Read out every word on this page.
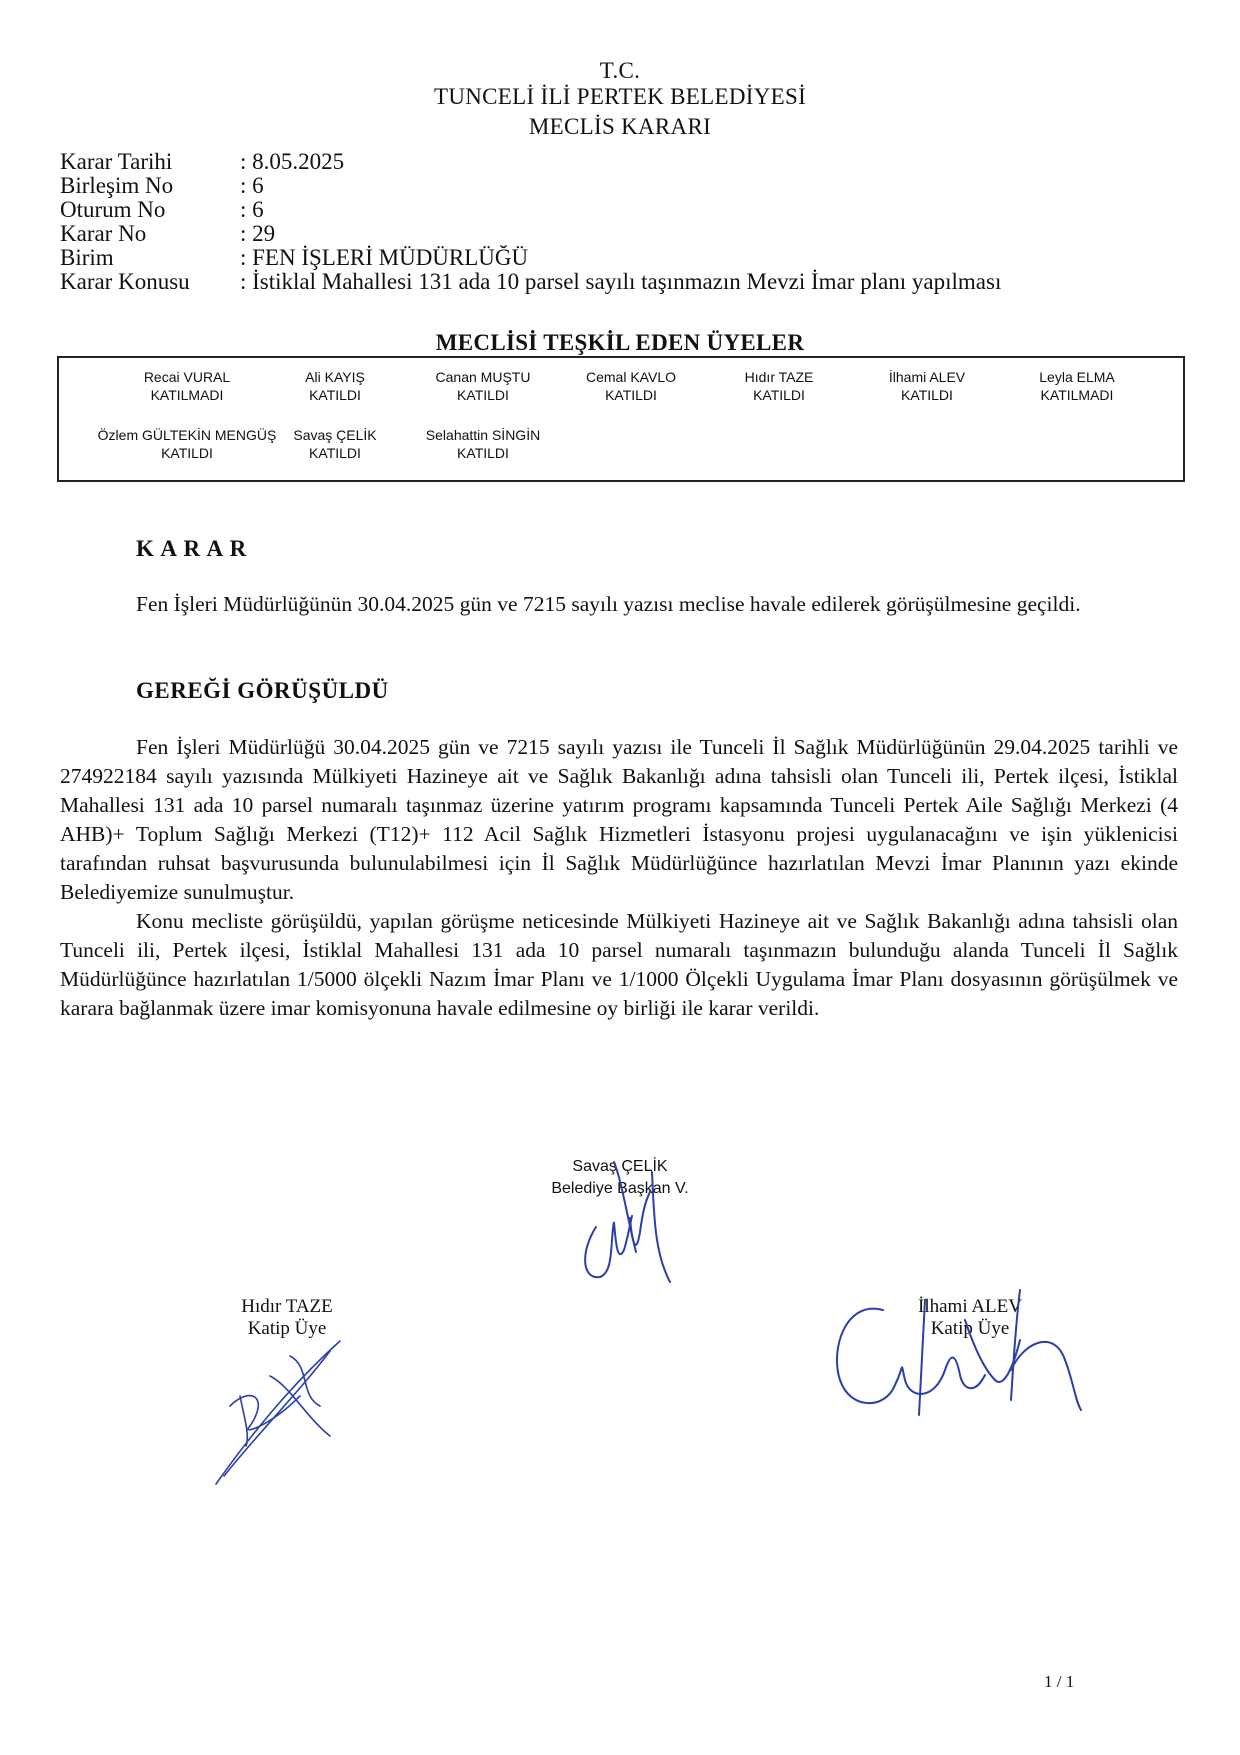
T.C.
TUNCELİ İLİ PERTEK BELEDİYESİ
MECLİS KARARI
Karar Tarihi	: 8.05.2025
Birleşim No	: 6
Oturum No	: 6
Karar No	: 29
Birim	: FEN İŞLERİ MÜDÜRLÜĞÜ
Karar Konusu : İstiklal Mahallesi 131 ada 10 parsel sayılı taşınmazın Mevzi İmar planı yapılması
MECLİSİ TEŞKİL EDEN ÜYELER
Recai VURAL
KATILMADI
Ali KAYIŞ
KATILDI
Canan MUŞTU
KATILDI
Cemal KAVLO
KATILDI
Hıdır TAZE
KATILDI
İlhami ALEV
KATILDI
Leyla ELMA
KATILMADI
Özlem GÜLTEKİN MENGÜŞ
KATILDI
Savaş ÇELİK
KATILDI
Selahattin SİNGİN
KATILDI
K A R A R

Fen İşleri Müdürlüğünün 30.04.2025 gün ve 7215 sayılı yazısı meclise havale edilerek görüşülmesine geçildi.

GEREĞİ GÖRÜŞÜLDÜ

Fen İşleri Müdürlüğü 30.04.2025 gün ve 7215 sayılı yazısı ile Tunceli İl Sağlık Müdürlüğünün 29.04.2025 tarihli ve 274922184 sayılı yazısında Mülkiyeti Hazineye ait ve Sağlık Bakanlığı adına tahsisli olan Tunceli ili, Pertek ilçesi, İstiklal Mahallesi 131 ada 10 parsel numaralı taşınmaz üzerine yatırım programı kapsamında Tunceli Pertek Aile Sağlığı Merkezi (4 AHB)+ Toplum Sağlığı Merkezi (T12)+ 112 Acil Sağlık Hizmetleri İstasyonu projesi uygulanacağını ve işin yüklenicisi tarafından ruhsat başvurusunda bulunulabilmesi için İl Sağlık Müdürlüğünce hazırlatılan Mevzi İmar Planının yazı ekinde Belediyemize sunulmuştur.

Konu mecliste görüşüldü, yapılan görüşme neticesinde Mülkiyeti Hazineye ait ve Sağlık Bakanlığı adına tahsisli olan Tunceli ili, Pertek ilçesi, İstiklal Mahallesi 131 ada 10 parsel numaralı taşınmazın bulunduğu alanda Tunceli İl Sağlık Müdürlüğünce hazırlatılan 1/5000 ölçekli Nazım İmar Planı ve 1/1000 Ölçekli Uygulama İmar Planı dosyasının görüşülmek ve karara bağlanmak üzere imar komisyonuna havale edilmesine oy birliği ile karar verildi.

Savaş ÇELİK
Belediye Başkan V.
Hıdır TAZE
Katip Üye
İlhami ALEV
Katip Üye
1 / 1
